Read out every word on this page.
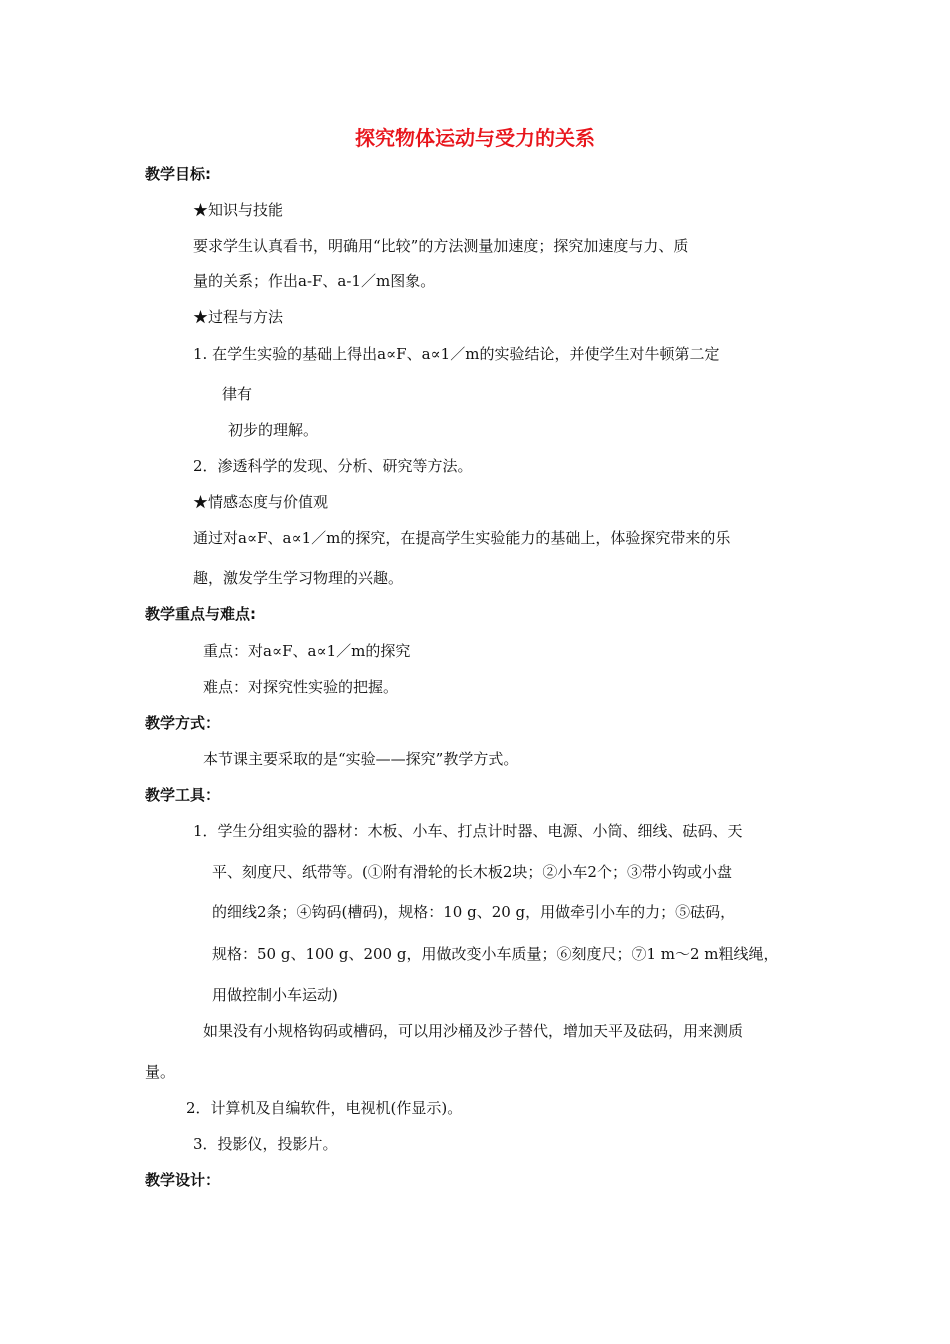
探究物体运动与受力的关系
教学目标:
★知识与技能
要求学生认真看书，明确用“比较”的方法测量加速度；探究加速度与力、质
量的关系；作出a-F、a-1／m图象。
★过程与方法
1. 在学生实验的基础上得出a∝F、a∝1／m的实验结论，并使学生对牛顿第二定
律有
初步的理解。
2．渗透科学的发现、分析、研究等方法。
★情感态度与价值观
通过对a∝F、a∝1／m的探究，在提高学生实验能力的基础上，体验探究带来的乐
趣，激发学生学习物理的兴趣。
教学重点与难点:
重点：对a∝F、a∝1／m的探究
难点：对探究性实验的把握。
教学方式：
本节课主要采取的是“实验——探究”教学方式。
教学工具：
1．学生分组实验的器材：木板、小车、打点计时器、电源、小筒、细线、砝码、天
平、刻度尺、纸带等。(①附有滑轮的长木板2块；②小车2个；③带小钩或小盘
的细线2条；④钩码(槽码)，规格：10 g、20 g，用做牵引小车的力；⑤砝码，
规格：50 g、100 g、200 g，用做改变小车质量；⑥刻度尺；⑦1 m～2 m粗线绳，
用做控制小车运动)
如果没有小规格钩码或槽码，可以用沙桶及沙子替代，增加天平及砝码，用来测质
量。
2．计算机及自编软件，电视机(作显示)。
3．投影仪，投影片。
教学设计：
